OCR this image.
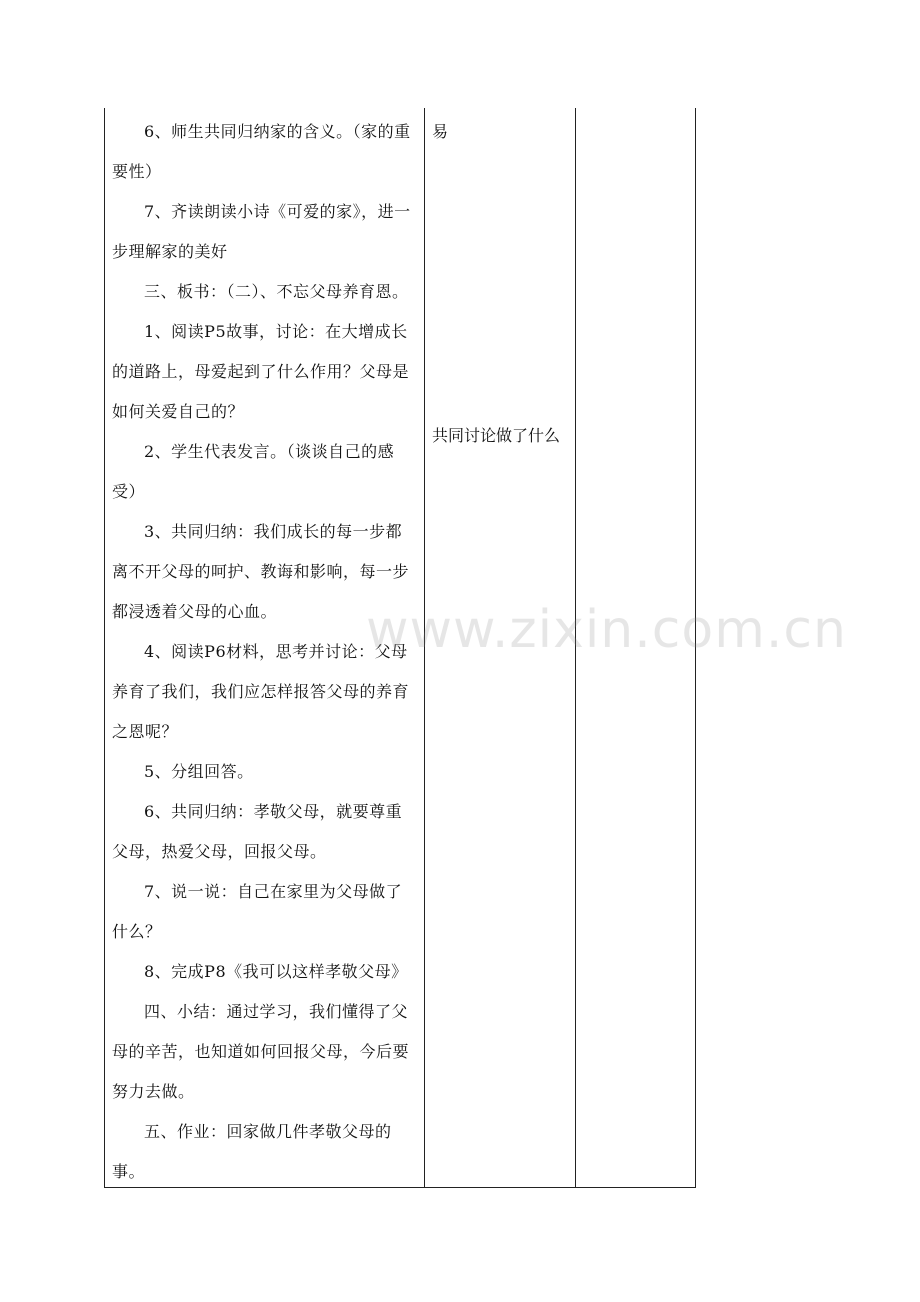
6、师生共同归纳家的含义。（家的重要性）

7、齐读朗读小诗《可爱的家》，进一步理解家的美好

三、板书：（二）、不忘父母养育恩。

1、阅读P5故事，讨论：在大增成长的道路上，母爱起到了什么作用？父母是如何关爱自己的？

2、学生代表发言。（谈谈自己的感受）

3、共同归纳：我们成长的每一步都离不开父母的呵护、教诲和影响，每一步都浸透着父母的心血。

4、阅读P6材料，思考并讨论：父母养育了我们，我们应怎样报答父母的养育之恩呢？

5、分组回答。

6、共同归纳：孝敬父母，就要尊重父母，热爱父母，回报父母。

7、说一说：自己在家里为父母做了什么？

8、完成P8《我可以这样孝敬父母》

四、小结：通过学习，我们懂得了父母的辛苦，也知道如何回报父母，今后要努力去做。

五、作业：回家做几件孝敬父母的事。

易
共同讨论做了什么
www.zixin.com.cn
